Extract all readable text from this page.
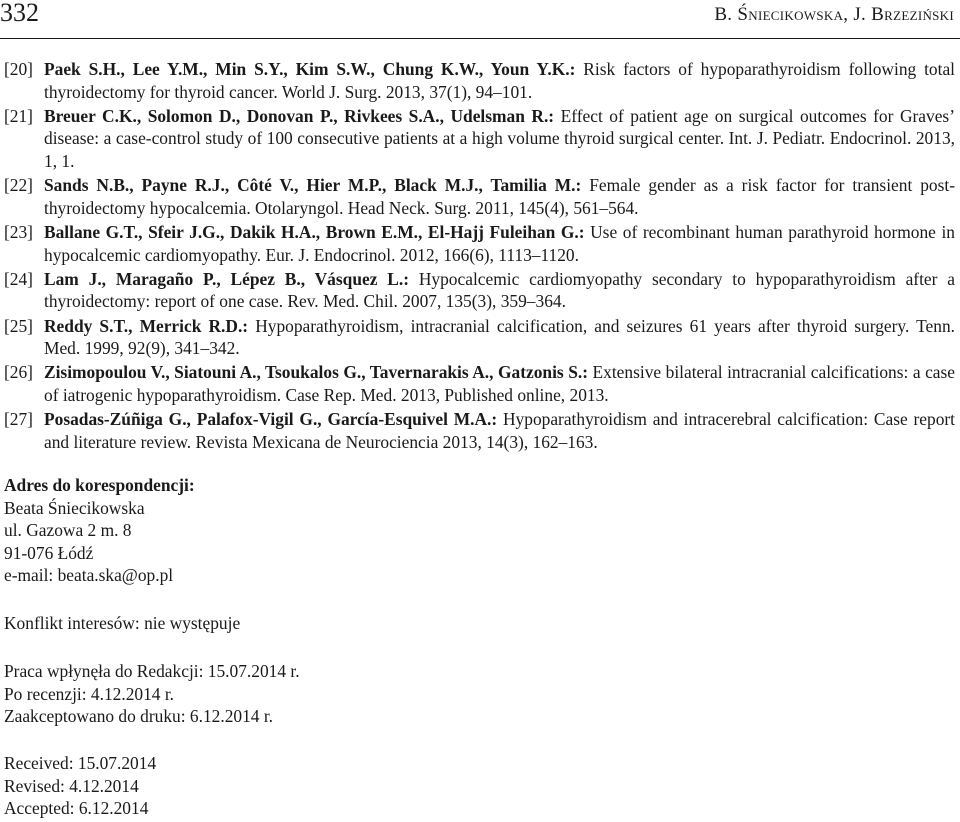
332	B. Śniecikowska, J. Brzeziński
[20] Paek S.H., Lee Y.M., Min S.Y., Kim S.W., Chung K.W., Youn Y.K.: Risk factors of hypoparathyroidism following total thyroidectomy for thyroid cancer. World J. Surg. 2013, 37(1), 94–101.
[21] Breuer C.K., Solomon D., Donovan P., Rivkees S.A., Udelsman R.: Effect of patient age on surgical outcomes for Graves’ disease: a case-control study of 100 consecutive patients at a high volume thyroid surgical center. Int. J. Pediatr. Endocrinol. 2013, 1, 1.
[22] Sands N.B., Payne R.J., Côté V., Hier M.P., Black M.J., Tamilia M.: Female gender as a risk factor for transient post-thyroidectomy hypocalcemia. Otolaryngol. Head Neck. Surg. 2011, 145(4), 561–564.
[23] Ballane G.T., Sfeir J.G., Dakik H.A., Brown E.M., El-Hajj Fuleihan G.: Use of recombinant human parathyroid hormone in hypocalcemic cardiomyopathy. Eur. J. Endocrinol. 2012, 166(6), 1113–1120.
[24] Lam J., Maragaño P., Lépez B., Vásquez L.: Hypocalcemic cardiomyopathy secondary to hypoparathyroidism after a thyroidectomy: report of one case. Rev. Med. Chil. 2007, 135(3), 359–364.
[25] Reddy S.T., Merrick R.D.: Hypoparathyroidism, intracranial calcification, and seizures 61 years after thyroid surgery. Tenn. Med. 1999, 92(9), 341–342.
[26] Zisimopoulou V., Siatouni A., Tsoukalos G., Tavernarakis A., Gatzonis S.: Extensive bilateral intracranial calcifications: a case of iatrogenic hypoparathyroidism. Case Rep. Med. 2013, Published online, 2013.
[27] Posadas-Zúñiga G., Palafox-Vigil G., García-Esquivel M.A.: Hypoparathyroidism and intracerebral calcification: Case report and literature review. Revista Mexicana de Neurociencia 2013, 14(3), 162–163.
Adres do korespondencji:
Beata Śniecikowska
ul. Gazowa 2 m. 8
91-076 Łódź
e-mail: beata.ska@op.pl
Konflikt interesów: nie występuje
Praca wpłynęła do Redakcji: 15.07.2014 r.
Po recenzji: 4.12.2014 r.
Zaakceptowano do druku: 6.12.2014 r.
Received: 15.07.2014
Revised: 4.12.2014
Accepted: 6.12.2014
